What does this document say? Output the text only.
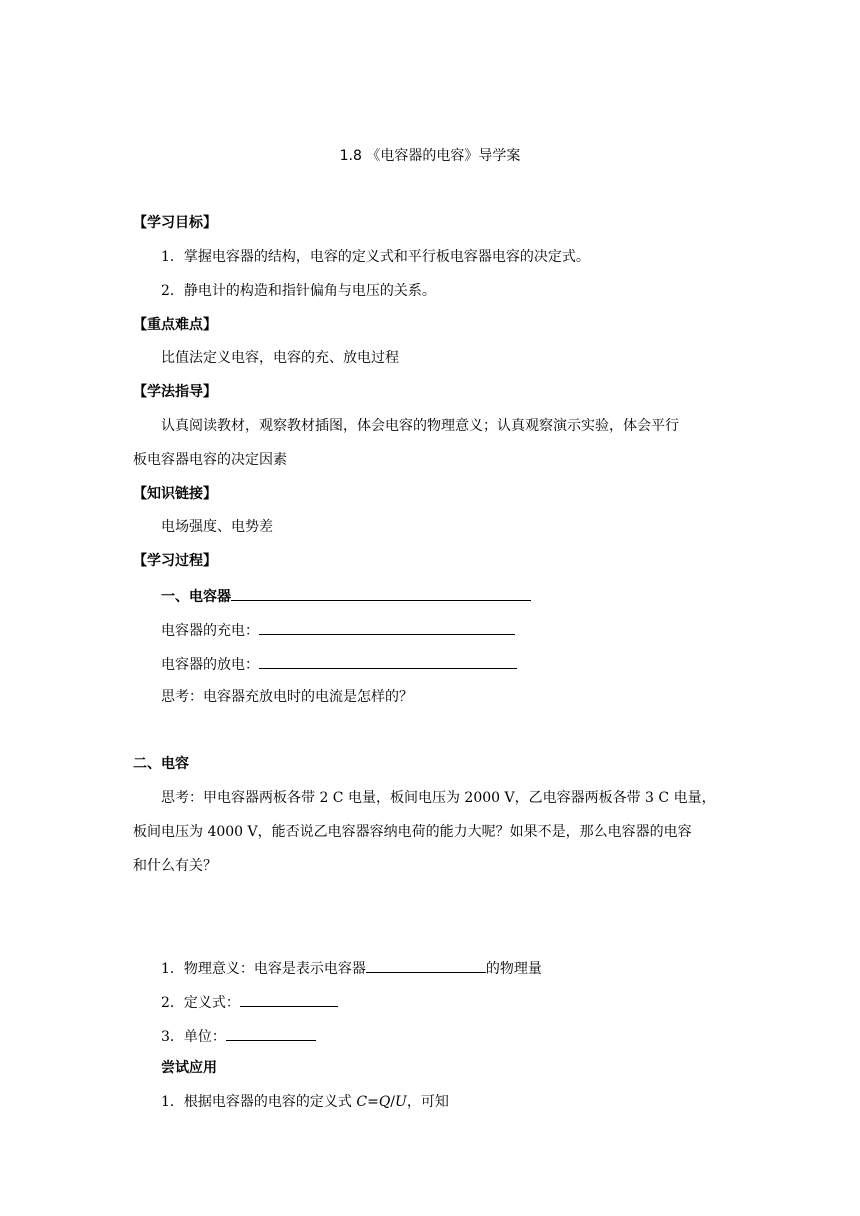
1.8 《电容器的电容》导学案
【学习目标】
1．掌握电容器的结构，电容的定义式和平行板电容器电容的决定式。
2．静电计的构造和指针偏角与电压的关系。
【重点难点】
比值法定义电容，电容的充、放电过程
【学法指导】
认真阅读教材，观察教材插图，体会电容的物理意义；认真观察演示实验，体会平行
板电容器电容的决定因素
【知识链接】
电场强度、电势差
【学习过程】
一、电容器
电容器的充电：
电容器的放电：
思考：电容器充放电时的电流是怎样的？
二、电容
思考：甲电容器两板各带 2 C 电量，板间电压为 2000 V，乙电容器两板各带 3 C 电量，
板间电压为 4000 V，能否说乙电容器容纳电荷的能力大呢？如果不是，那么电容器的电容
和什么有关？
1．物理意义：电容是表示电容器	的物理量
2．定义式：
3．单位：
尝试应用
1．根据电容器的电容的定义式 C=Q/U，可知
